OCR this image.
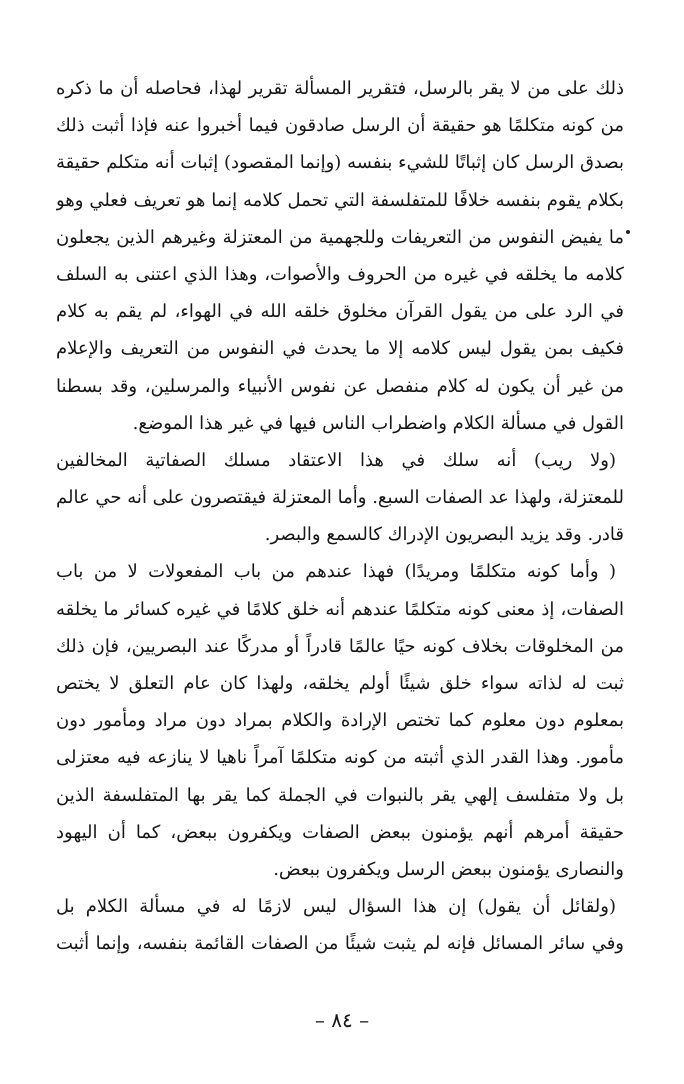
ذلك على من لا يقر بالرسل، فتقرير المسألة تقرير لهذا، فحاصله أن ما ذكره
من كونه متكلمًا هو حقيقة أن الرسل صادقون فيما أخبروا عنه فإذا أثبت ذلك
بصدق الرسل كان إثباتًا للشيء بنفسه (وإنما المقصود) إثبات أنه متكلم حقيقة
بكلام يقوم بنفسه خلافًا للمتفلسفة التي تحمل كلامه إنما هو تعريف فعلي وهو
ما يفيض النفوس من التعريفات وللجهمية من المعتزلة وغيرهم الذين يجعلون
كلامه ما يخلقه في غيره من الحروف والأصوات، وهذا الذي اعتنى به السلف
في الرد على من يقول القرآن مخلوق خلقه الله في الهواء، لم يقم به كلام
فكيف بمن يقول ليس كلامه إلا ما يحدث في النفوس من التعريف والإعلام
من غير أن يكون له كلام منفصل عن نفوس الأنبياء والمرسلين، وقد بسطنا
القول في مسألة الكلام واضطراب الناس فيها في غير هذا الموضع.
(ولا ريب) أنه سلك في هذا الاعتقاد مسلك الصفاتية المخالفين
للمعتزلة، ولهذا عد الصفات السبع. وأما المعتزلة فيقتصرون على أنه حي عالم
قادر. وقد يزيد البصريون الإدراك كالسمع والبصر.
( وأما كونه متكلمًا ومريدًا) فهذا عندهم من باب المفعولات لا من باب
الصفات، إذ معنى كونه متكلمًا عندهم أنه خلق كلامًا في غيره كسائر ما يخلقه
من المخلوقات بخلاف كونه حيًا عالمًا قادراً أو مدركًا عند البصريين، فإن ذلك
ثبت له لذاته سواء خلق شيئًا أولم يخلقه، ولهذا كان عام التعلق لا يختص
بمعلوم دون معلوم كما تختص الإرادة والكلام بمراد دون مراد ومأمور دون
مأمور. وهذا القدر الذي أثبته من كونه متكلمًا آمراً ناهيا لا ينازعه فيه معتزلى
بل ولا متفلسف إلهي يقر بالنبوات في الجملة كما يقر بها المتفلسفة الذين
حقيقة أمرهم أنهم يؤمنون ببعض الصفات ويكفرون ببعض، كما أن اليهود
والنصارى يؤمنون ببعض الرسل ويكفرون ببعض.
(ولقائل أن يقول) إن هذا السؤال ليس لازمًا له في مسألة الكلام بل
وفي سائر المسائل فإنه لم يثبت شيئًا من الصفات القائمة بنفسه، وإنما أثبت
– ٨٤ –
